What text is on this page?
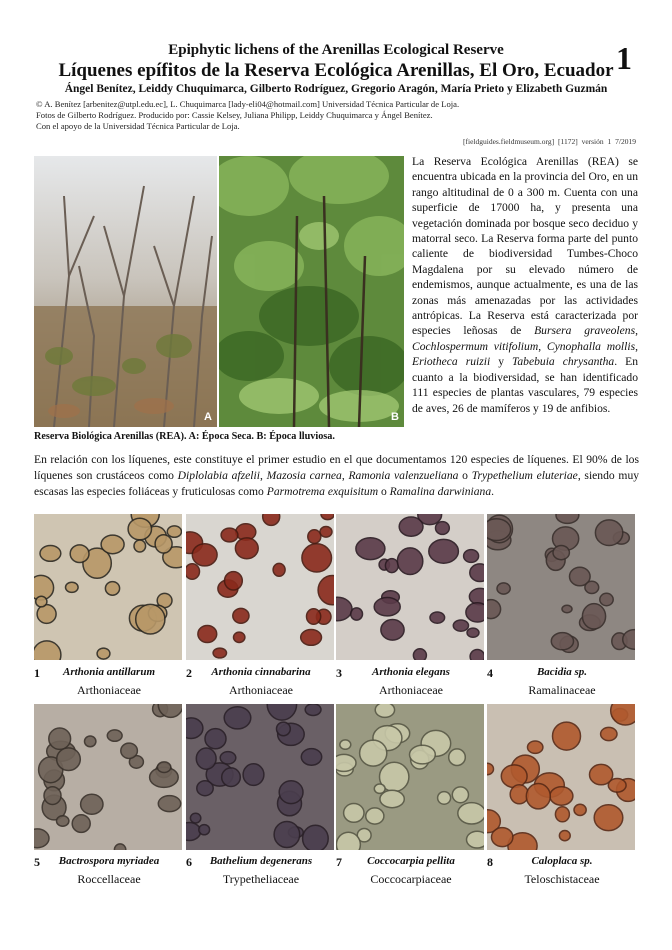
Epiphytic lichens of the Arenillas Ecological Reserve
Líquenes epífitos de la Reserva Ecológica Arenillas, El Oro, Ecuador
Ángel Benítez, Leiddy Chuquimarca, Gilberto Rodríguez, Gregorio Aragón, María Prieto y Elizabeth Guzmán
1
© A. Benítez [arbenitez@utpl.edu.ec], L. Chuquimarca [lady-eli04@hotmail.com] Universidad Técnica Particular de Loja.
Fotos de Gilberto Rodríguez. Producido por: Cassie Kelsey, Juliana Philipp, Leiddy Chuquimarca y Ángel Benítez.
Con el apoyo de la Universidad Técnica Particular de Loja.
[fieldguides.fieldmuseum.org] [1172] versión 1 7/2019
A	B
Reserva Biológica Arenillas (REA). A: Época Seca. B: Época lluviosa.
La Reserva Ecológica Arenillas (REA) se encuentra ubicada en la provincia del Oro, en un rango altitudinal de 0 a 300 m. Cuenta con una superficie de 17000 ha, y presenta una vegetación dominada por bosque seco deciduo y matorral seco. La Reserva forma parte del punto caliente de biodiversidad Tumbes-Choco Magdalena por su elevado número de endemismos, aunque actualmente, es una de las zonas más amenazadas por las actividades antrópicas. La Reserva está caracterizada por especies leñosas de Bursera graveolens, Cochlospermum vitifolium, Cynophalla mollis, Eriotheca ruizii y Tabebuia chrysantha. En cuanto a la biodiversidad, se han identificado 111 especies de plantas vasculares, 79 especies de aves, 26 de mamíferos y 19 de anfibios.
En relación con los líquenes, este constituye el primer estudio en el que documentamos 120 especies de líquenes. El 90% de los líquenes son crustáceos como Diplolabia afzelii, Mazosia carnea, Ramonia valenzueliana o Trypethelium eluteriae, siendo muy escasas las especies foliáceas y fruticulosas como Parmotrema exquisitum o Ramalina darwiniana.
1	Arthonia antillarum
Arthoniaceae
2	Arthonia cinnabarina
Arthoniaceae
3	Arthonia elegans
Arthoniaceae
4	Bacidia sp.
Ramalinaceae
5	Bactrospora myriadea
Roccellaceae
6	Bathelium degenerans
Trypetheliaceae
7	Coccocarpia pellita
Coccocarpiaceae
8	Caloplaca sp.
Teloschistaceae
